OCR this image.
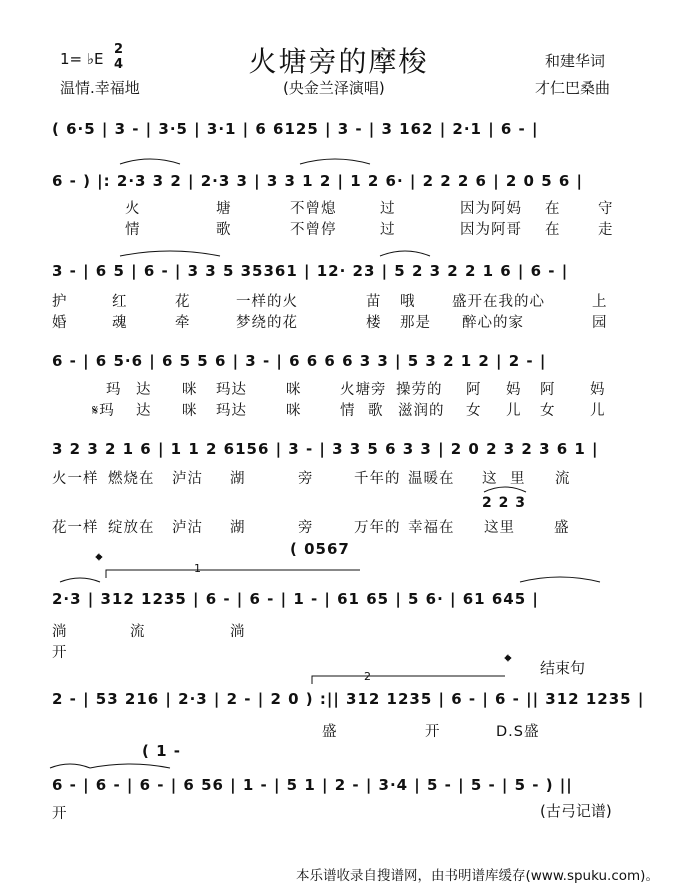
火塘旁的摩梭
1= ♭E
2
4
温情.幸福地	(央金兰泽演唱)
和建华词
才仁巴桑曲
( 6·5 | 3 - | 3·5 | 3·1 | 6 6125 | 3 - | 3 162 | 2·1 | 6 - |
6 - ) |: 2·3 3 2 | 2·3 3 | 3 3 1 2 | 1 2 6· | 2 2 2 6 | 2 0 5 6 |
火	塘	不曾熄	过	因为阿妈 在	守
情	歌	不曾停	过	因为阿哥 在	走
3 - | 6 5 | 6 - | 3 3 5 35361 | 12· 23 | 5 2 3 2 2 1 6 | 6 - |
护	红	花	一样的火	苗 哦	盛开在我的心	上
婚	魂	牵	梦绕的花	楼 那是 醉心的家	园
6 - | 6 5·6 | 6 5 5 6 | 3 - | 6 6 6 6 3 3 | 5 3 2 1 2 | 2 - |
玛 达 咪 玛达	咪	火塘旁 操劳的 阿 妈 阿 妈
𝄋玛 达 咪 玛达	咪	情 歌 滋润的 女 儿 女 儿
3 2 3 2 1 6 | 1 1 2 6156 | 3 - | 3 3 5 6 3 3 | 2 0 2 3 2 3 6 1 |
火一样 燃烧在 泸沽 湖	旁	千年的 温暖在 这 里 流
2 2 3
花一样 绽放在 泸沽 湖	旁	万年的 幸福在 这里	盛
( 0567
𝄌	1
2·3 | 312 1235 | 6 - | 6 - | 1 - | 61 65 | 5 6· | 61 645 |
淌	流	淌
开	𝄌 结束句
2
2 - | 53 216 | 2·3 | 2 - | 2 0 ) :|| 312 1235 | 6 - | 6 - || 312 1235 |
盛	开	D.S盛
( 1 -
6 - | 6 - | 6 - | 6 56 | 1 - | 5 1 | 2 - | 3·4 | 5 - | 5 - | 5 - ) ||
开	(古弓记谱)
本乐谱收录自搜谱网，由书明谱库缓存(www.spuku.com)。
